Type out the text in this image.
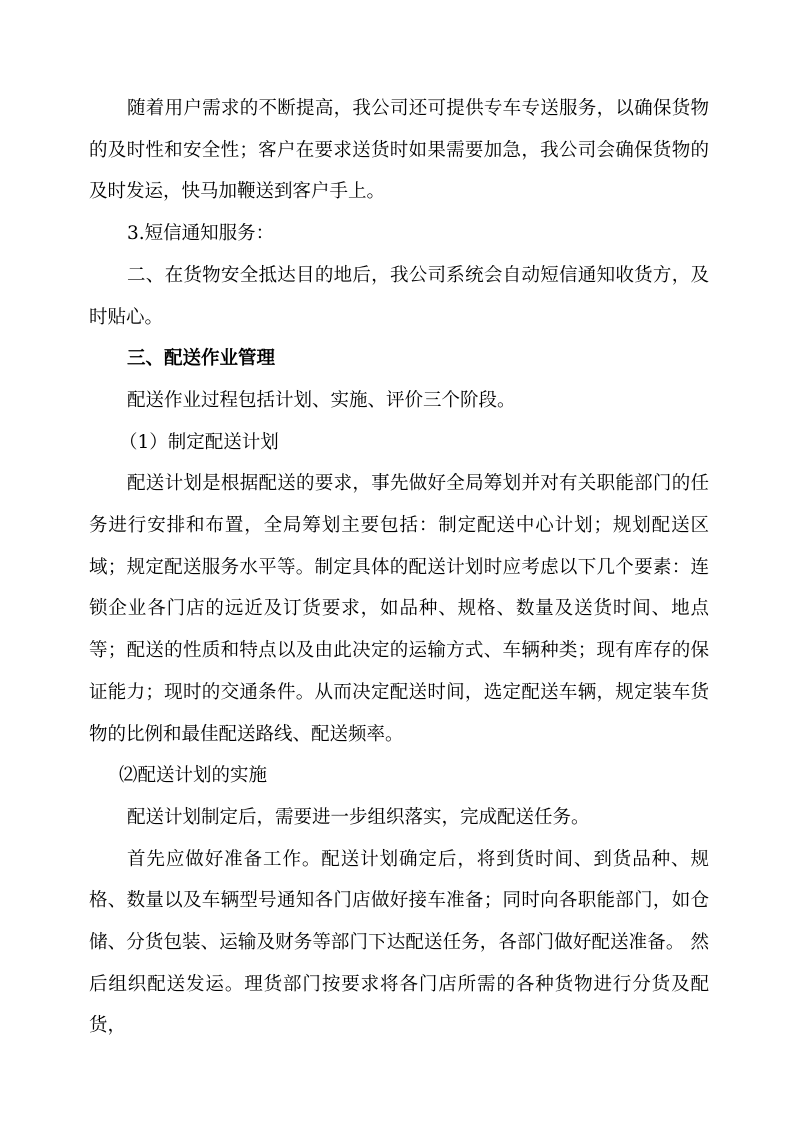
随着用户需求的不断提高，我公司还可提供专车专送服务，以确保货物的及时性和安全性；客户在要求送货时如果需要加急，我公司会确保货物的及时发运，快马加鞭送到客户手上。

3.短信通知服务：

二、在货物安全抵达目的地后，我公司系统会自动短信通知收货方，及时贴心。

三、配送作业管理

配送作业过程包括计划、实施、评价三个阶段。

（1）制定配送计划

配送计划是根据配送的要求，事先做好全局筹划并对有关职能部门的任务进行安排和布置，全局筹划主要包括：制定配送中心计划；规划配送区域；规定配送服务水平等。制定具体的配送计划时应考虑以下几个要素：连锁企业各门店的远近及订货要求，如品种、规格、数量及送货时间、地点等；配送的性质和特点以及由此决定的运输方式、车辆种类；现有库存的保证能力；现时的交通条件。从而决定配送时间，选定配送车辆，规定装车货物的比例和最佳配送路线、配送频率。

⑵配送计划的实施

配送计划制定后，需要进一步组织落实，完成配送任务。

首先应做好准备工作。配送计划确定后，将到货时间、到货品种、规格、数量以及车辆型号通知各门店做好接车准备；同时向各职能部门，如仓储、分货包装、运输及财务等部门下达配送任务，各部门做好配送准备。 然后组织配送发运。理货部门按要求将各门店所需的各种货物进行分货及配货，
